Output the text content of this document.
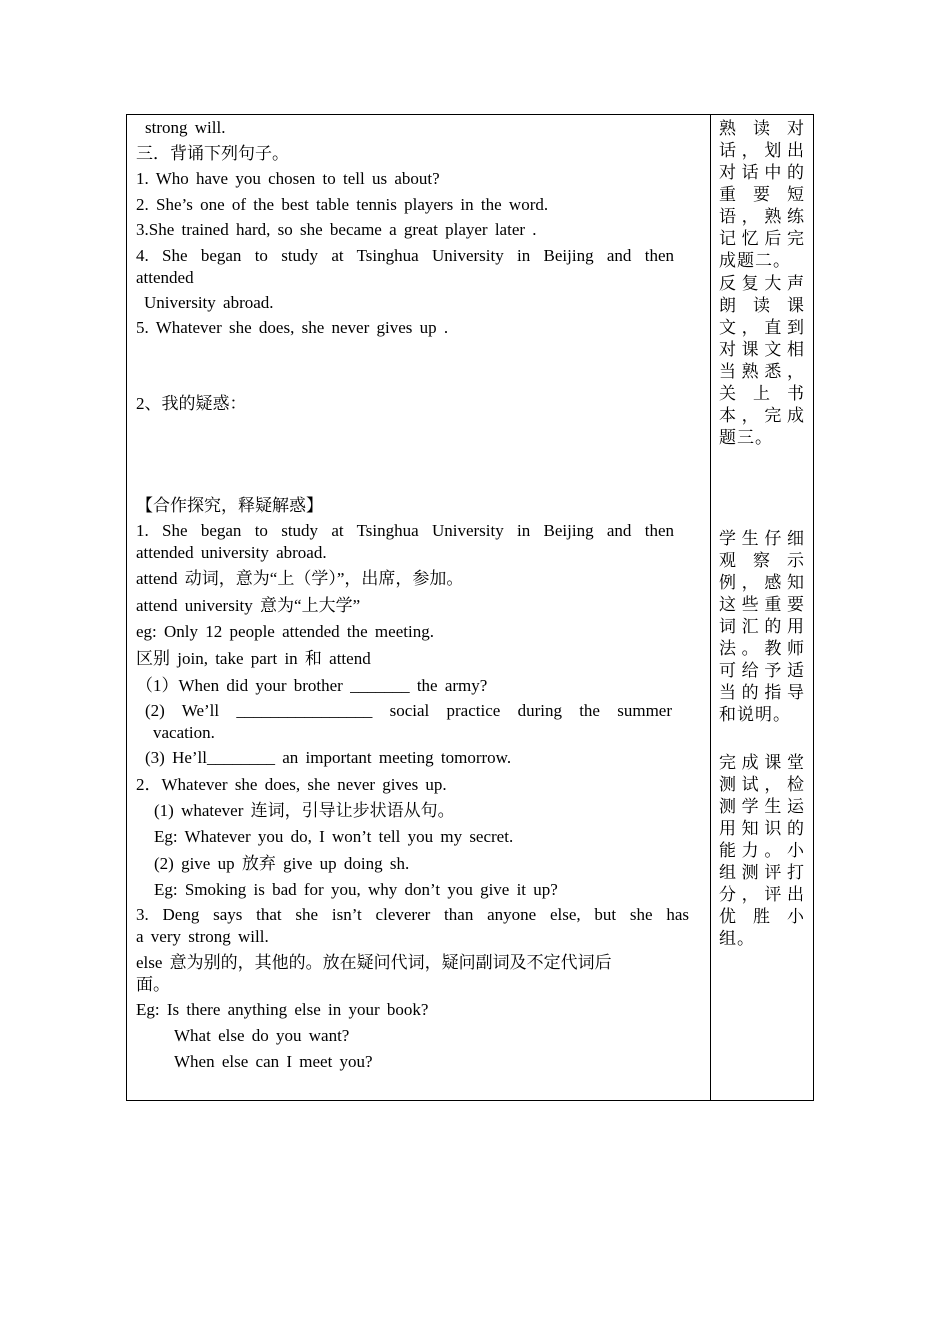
strong will.
三．背诵下列句子。
1. Who have you chosen to tell us about?
2. She’s one of the best table tennis players in the word.
3.She trained hard, so she became a great player later .
4. She began to study at Tsinghua University in Beijing and then
attended
University abroad.
5. Whatever she does, she never gives up .
2、我的疑惑：
【合作探究，释疑解惑】
1. She began to study at Tsinghua University in Beijing and then
attended university abroad.
attend 动词，意为“上（学）”，出席，参加。
attend university 意为“上大学”
eg: Only 12 people attended the meeting.
区别 join, take part in 和 attend
（1）When did your brother _______ the army?
(2) We’ll ________________ social practice during the summer
vacation.
(3) He’ll________ an important meeting tomorrow.
2．Whatever she does, she never gives up.
(1) whatever 连词，引导让步状语从句。
Eg: Whatever you do, I won’t tell you my secret.
(2) give up 放弃 give up doing sh.
Eg: Smoking is bad for you, why don’t you give it up?
3. Deng says that she isn’t cleverer than anyone else, but she has
a very strong will.
else 意为别的，其他的。放在疑问代词，疑问副词及不定代词后
面。
Eg: Is there anything else in your book?
What else do you want?
When else can I meet you?
熟读对话，划出对话中的重要短语，熟练记忆后完成题二。
反复大声朗读课文，直到对课文相当熟悉，关上书本，完成题三。
学生仔细观察示例，感知这些重要词汇的用法。教师可给予适当的指导和说明。
完成课堂测试，检测学生运用知识的能力。小组测评打分，评出优胜小组。
